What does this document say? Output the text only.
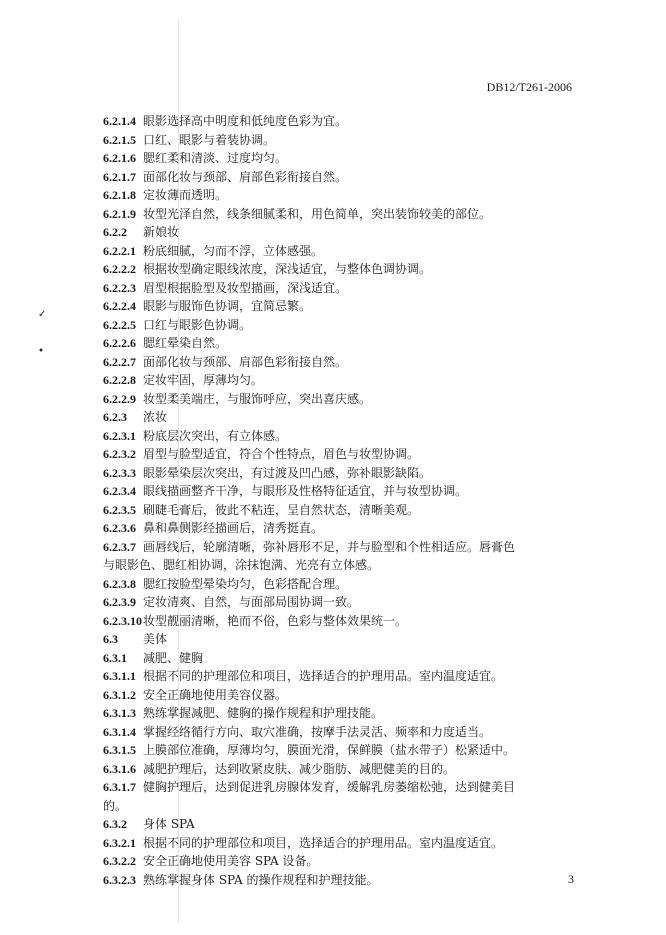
✓
•
DB12/T261-2006
6.2.1.4 眼影选择高中明度和低纯度色彩为宜。
6.2.1.5 口红、眼影与着装协调。
6.2.1.6 腮红柔和清淡、过度均匀。
6.2.1.7 面部化妆与颈部、肩部色彩衔接自然。
6.2.1.8 定妆薄而透明。
6.2.1.9 妆型光泽自然，线条细腻柔和，用色简单，突出装饰较美的部位。
6.2.2	新娘妆
6.2.2.1 粉底细腻，匀而不浮，立体感强。
6.2.2.2 根据妆型确定眼线浓度，深浅适宜，与整体色调协调。
6.2.2.3 眉型根据脸型及妆型描画，深浅适宜。
6.2.2.4 眼影与服饰色协调，宜简忌繁。
6.2.2.5 口红与眼影色协调。
6.2.2.6 腮红晕染自然。
6.2.2.7 面部化妆与颈部、肩部色彩衔接自然。
6.2.2.8 定妆牢固，厚薄均匀。
6.2.2.9 妆型柔美端庄，与服饰呼应，突出喜庆感。
6.2.3	浓妆
6.2.3.1 粉底层次突出，有立体感。
6.2.3.2 眉型与脸型适宜，符合个性特点，眉色与妆型协调。
6.2.3.3 眼影晕染层次突出，有过渡及凹凸感，弥补眼影缺陷。
6.2.3.4 眼线描画整齐干净，与眼形及性格特征适宜，并与妆型协调。
6.2.3.5 刷睫毛膏后，彼此不粘连，呈自然状态，清晰美观。
6.2.3.6 鼻和鼻侧影经描画后，清秀挺直。
6.2.3.7 画唇线后，轮廓清晰，弥补唇形不足，并与脸型和个性相适应。唇膏色
与眼影色、腮红相协调，涂抹饱满、光亮有立体感。
6.2.3.8 腮红按脸型晕染均匀，色彩搭配合理。
6.2.3.9 定妆清爽、自然，与面部局围协调一致。
6.2.3.10 妆型靓丽清晰，艳而不俗，色彩与整体效果统一。
6.3	美体
6.3.1	减肥、健胸
6.3.1.1 根据不同的护理部位和项目，选择适合的护理用品。室内温度适宜。
6.3.1.2 安全正确地使用美容仪器。
6.3.1.3 熟练掌握减肥、健胸的操作规程和护理技能。
6.3.1.4 掌握经络循行方向、取穴准确，按摩手法灵活、频率和力度适当。
6.3.1.5 上膜部位准确，厚薄均匀，膜面光滑，保鲜膜（盐水带子）松紧适中。
6.3.1.6 减肥护理后，达到收紧皮肤、减少脂肪、减肥健美的目的。
6.3.1.7 健胸护理后，达到促进乳房腺体发育，缓解乳房萎缩松弛，达到健美目
的。
6.3.2	身体 SPA
6.3.2.1 根据不同的护理部位和项目，选择适合的护理用品。室内温度适宜。
6.3.2.2 安全正确地使用美容 SPA 设备。
6.3.2.3 熟练掌握身体 SPA 的操作规程和护理技能。	3
